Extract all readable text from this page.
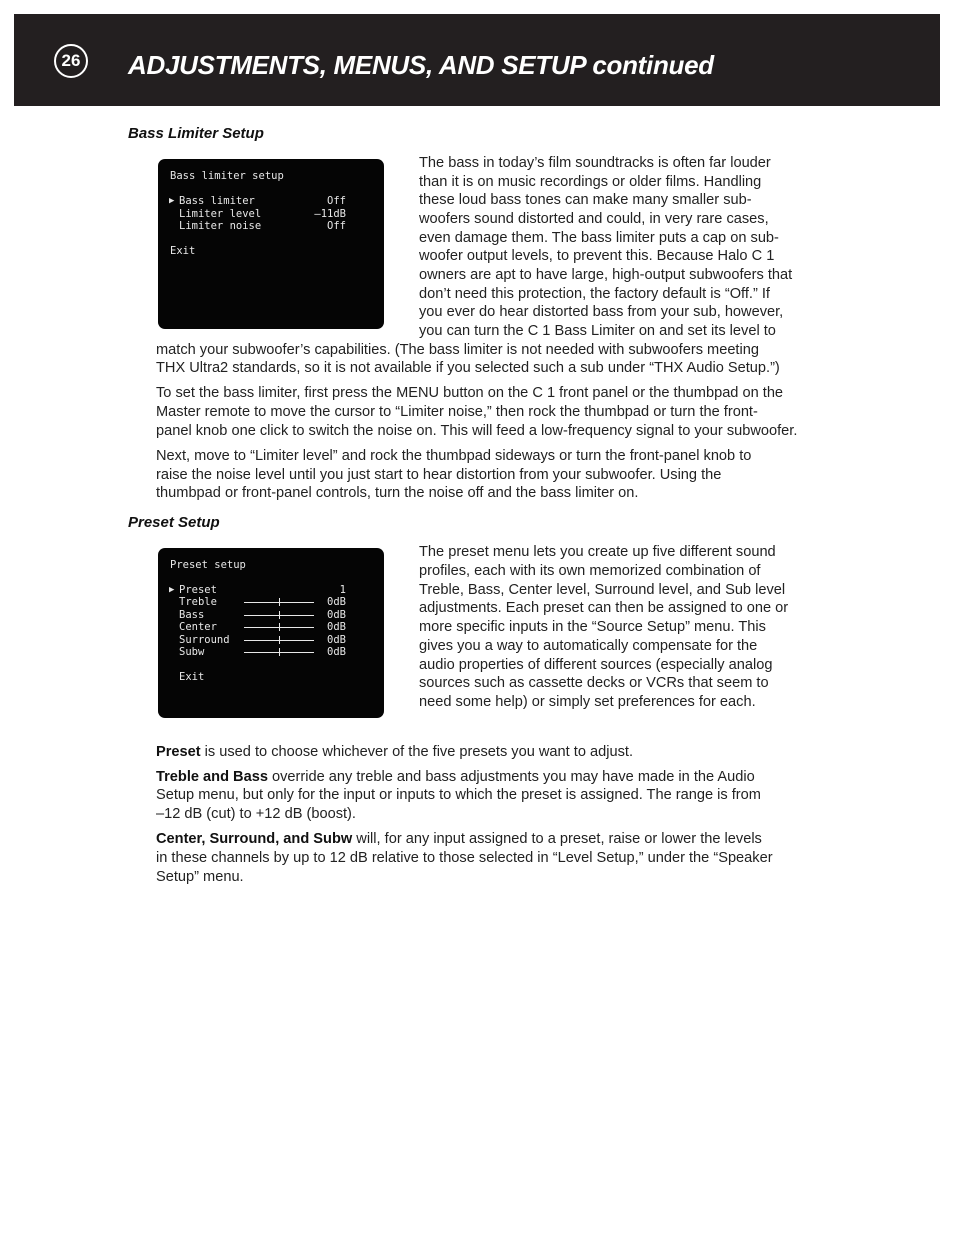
26 ADJUSTMENTS, MENUS, AND SETUP continued
Bass Limiter Setup
Bass limiter setup
▶ Bass limiter	Off
Limiter level	–11dB
Limiter noise	Off
Exit

The bass in today’s film soundtracks is often far louder

than it is on music recordings or older films. Handling

these loud bass tones can make many smaller sub-

woofers sound distorted and could, in very rare cases,

even damage them. The bass limiter puts a cap on sub-

woofer output levels, to prevent this. Because Halo C 1

owners are apt to have large, high-output subwoofers that

don’t need this protection, the factory default is “Off.” If

you ever do hear distorted bass from your sub, however,

you can turn the C 1 Bass Limiter on and set its level to

match your subwoofer’s capabilities. (The bass limiter is not needed with subwoofers meeting

THX Ultra2 standards, so it is not available if you selected such a sub under “THX Audio Setup.”)

To set the bass limiter, first press the MENU button on the C 1 front panel or the thumbpad on the

Master remote to move the cursor to “Limiter noise,” then rock the thumbpad or turn the front-

panel knob one click to switch the noise on. This will feed a low-frequency signal to your subwoofer.

Next, move to “Limiter level” and rock the thumbpad sideways or turn the front-panel knob to

raise the noise level until you just start to hear distortion from your subwoofer. Using the

thumbpad or front-panel controls, turn the noise off and the bass limiter on.

Preset Setup
Preset setup
▶ Preset	1
Treble	0dB
Bass	0dB
Center	0dB
Surround	0dB
Subw	0dB
Exit

The preset menu lets you create up five different sound

profiles, each with its own memorized combination of

Treble, Bass, Center level, Surround level, and Sub level

adjustments. Each preset can then be assigned to one or

more specific inputs in the “Source Setup” menu. This

gives you a way to automatically compensate for the

audio properties of different sources (especially analog

sources such as cassette decks or VCRs that seem to

need some help) or simply set preferences for each.

Preset is used to choose whichever of the five presets you want to adjust.

Treble and Bass override any treble and bass adjustments you may have made in the Audio

Setup menu, but only for the input or inputs to which the preset is assigned. The range is from

–12 dB (cut) to +12 dB (boost).

Center, Surround, and Subw will, for any input assigned to a preset, raise or lower the levels

in these channels by up to 12 dB relative to those selected in “Level Setup,” under the “Speaker

Setup” menu.
